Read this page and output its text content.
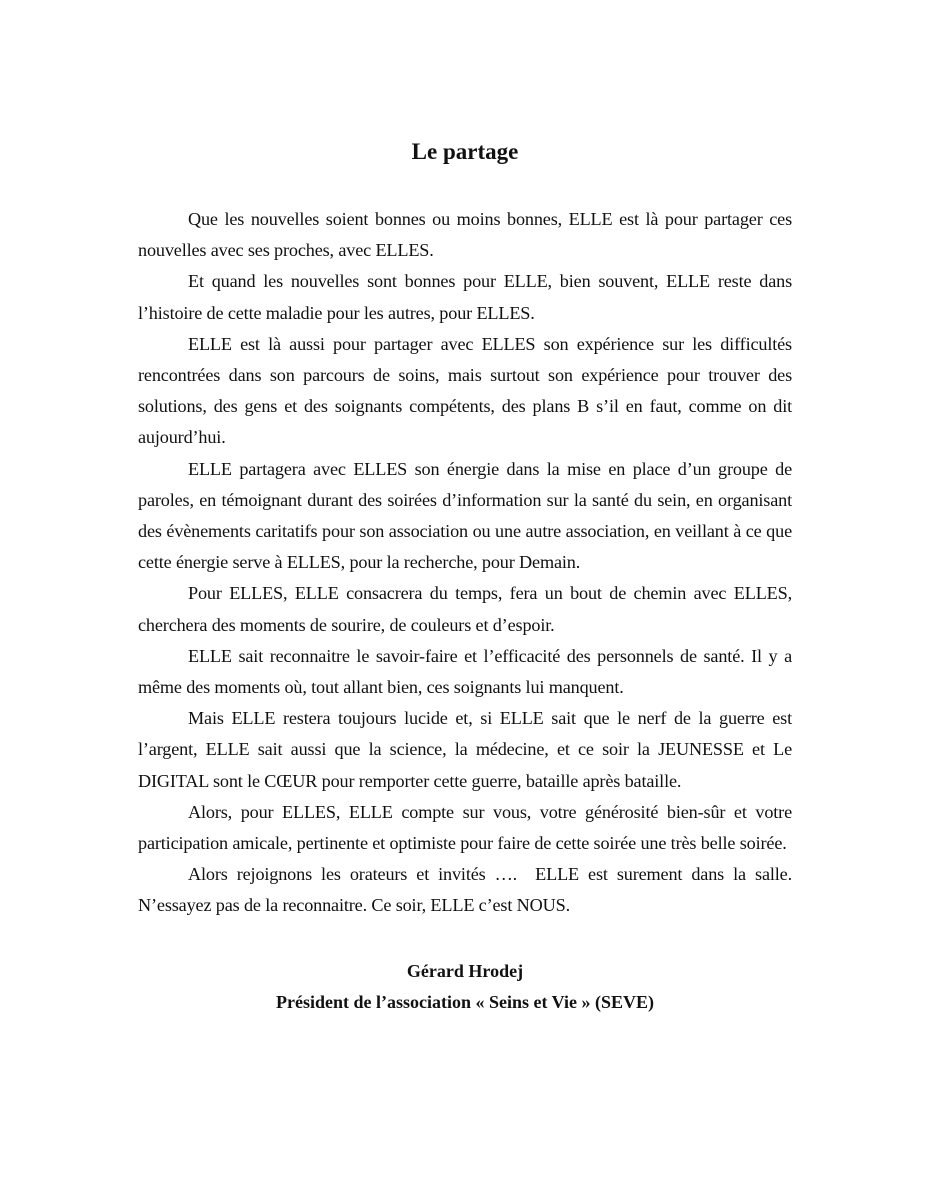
Le partage

Que les nouvelles soient bonnes ou moins bonnes, ELLE est là pour partager ces nouvelles avec ses proches, avec ELLES.

Et quand les nouvelles sont bonnes pour ELLE, bien souvent, ELLE reste dans l’histoire de cette maladie pour les autres, pour ELLES.

ELLE est là aussi pour partager avec ELLES son expérience sur les difficultés rencontrées dans son parcours de soins, mais surtout son expérience pour trouver des solutions, des gens et des soignants compétents, des plans B s’il en faut, comme on dit aujourd’hui.

ELLE partagera avec ELLES son énergie dans la mise en place d’un groupe de paroles, en témoignant durant des soirées d’information sur la santé du sein, en organisant des évènements caritatifs pour son association ou une autre association, en veillant à ce que cette énergie serve à ELLES, pour la recherche, pour Demain.

Pour ELLES, ELLE consacrera du temps, fera un bout de chemin avec ELLES, cherchera des moments de sourire, de couleurs et d’espoir.

ELLE sait reconnaitre le savoir-faire et l’efficacité des personnels de santé. Il y a même des moments où, tout allant bien, ces soignants lui manquent.

Mais ELLE restera toujours lucide et, si ELLE sait que le nerf de la guerre est l’argent, ELLE sait aussi que la science, la médecine, et ce soir la JEUNESSE et Le DIGITAL sont le CŒUR pour remporter cette guerre, bataille après bataille.

Alors, pour ELLES, ELLE compte sur vous, votre générosité bien-sûr et votre participation amicale, pertinente et optimiste pour faire de cette soirée une très belle soirée.

Alors rejoignons les orateurs et invités ….  ELLE est surement dans la salle. N’essayez pas de la reconnaitre. Ce soir, ELLE c’est NOUS.

Gérard Hrodej
Président de l’association « Seins et Vie » (SEVE)
